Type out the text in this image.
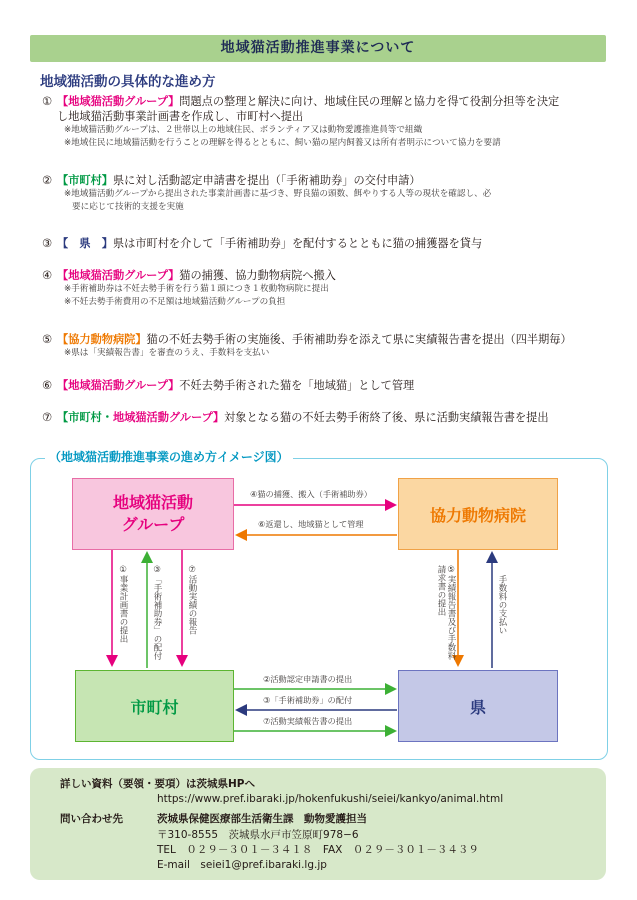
地域猫活動推進事業について
地域猫活動の具体的な進め方
① 【地域猫活動グループ】問題点の整理と解決に向け、地域住民の理解と協力を得て役割分担等を決定
し地域猫活動事業計画書を作成し、市町村へ提出
※地域猫活動グループは、２世帯以上の地域住民、ボランティア又は動物愛護推進員等で組織
※地域住民に地域猫活動を行うことの理解を得るとともに、飼い猫の屋内飼養又は所有者明示について協力を要請
② 【市町村】県に対し活動認定申請書を提出（「手術補助券」の交付申請）
※地域猫活動グループから提出された事業計画書に基づき、野良猫の頭数、餌やりする人等の現状を確認し、必
要に応じて技術的支援を実施
③ 【　県　】県は市町村を介して「手術補助券」を配付するとともに猫の捕獲器を貸与
④ 【地域猫活動グループ】猫の捕獲、協力動物病院へ搬入
※手術補助券は不妊去勢手術を行う猫１頭につき１枚動物病院に提出
※不妊去勢手術費用の不足額は地域猫活動グループの負担
⑤ 【協力動物病院】猫の不妊去勢手術の実施後、手術補助券を添えて県に実績報告書を提出（四半期毎）
※県は「実績報告書」を審査のうえ、手数料を支払い
⑥ 【地域猫活動グループ】不妊去勢手術された猫を「地域猫」として管理
⑦ 【市町村・地域猫活動グループ】対象となる猫の不妊去勢手術終了後、県に活動実績報告書を提出
（地域猫活動推進事業の進め方イメージ図）
地域猫活動
グループ	協力動物病院
市町村	県
④猫の捕獲、搬入（手術補助券）
⑥返還し、地域猫として管理
①事業計画書の提出	③「手術補助券」の配付	⑦活動実績の報告	⑤実績報告書及び手数料請求書の提出	手数料の支払い
②活動認定申請書の提出
③「手術補助券」の配付
⑦活動実績報告書の提出
詳しい資料（要領・要項）は茨城県HPへ
https://www.pref.ibaraki.jp/hokenfukushi/seiei/kankyo/animal.html
問い合わせ先	茨城県保健医療部生活衛生課　動物愛護担当
〒310-8555　茨城県水戸市笠原町978−6
TEL　０２９－３０１－３４１８　FAX　０２９－３０１－３４３９
E-mail　seiei1@pref.ibaraki.lg.jp
